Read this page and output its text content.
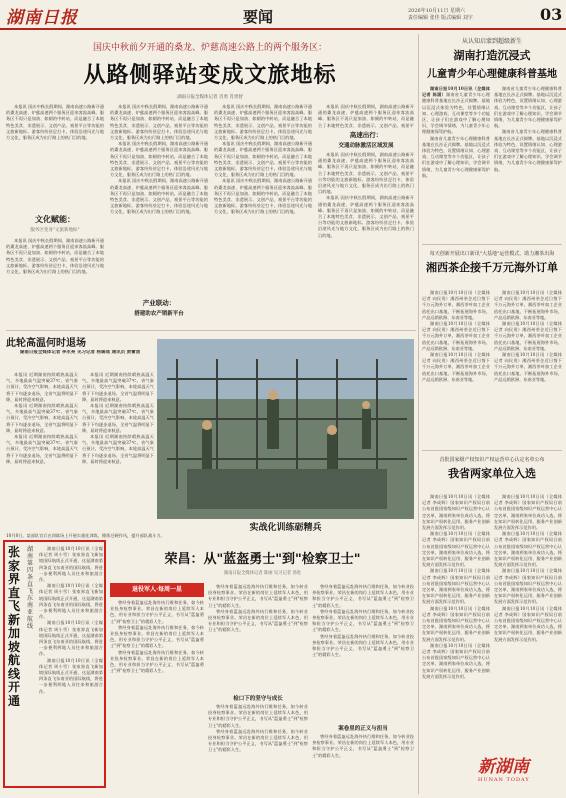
湖南日报	要闻	2026年10月11日 星期六
责任编辑 张佳 版式编辑 刘宇	03
国庆中秋前夕开通的桑龙、炉慈高速公路上的两个服务区：
从路侧驿站变成文旅地标
湖南日报全媒体记者 肖勇 肖勇智

本报讯 国庆中秋长假期间，湖南高速公路新开通的桑龙高速、炉慈高速两个服务区迎来客流高峰。服务区不再只是加油、如厕的中转站，而是融合了本地特色美食、非遗展示、文创产品、观景平台等功能的文旅新地标。游客纷纷驻足打卡，体验沿途风光与地方文化，服务区成为出行路上的热门目的地。

文化赋能：
服务区变身"文旅新地标"

本报讯 国庆中秋长假期间，湖南高速公路新开通的桑龙高速、炉慈高速两个服务区迎来客流高峰。服务区不再只是加油、如厕的中转站，而是融合了本地特色美食、非遗展示、文创产品、观景平台等功能的文旅新地标。游客纷纷驻足打卡，体验沿途风光与地方文化，服务区成为出行路上的热门目的地。

本报讯 国庆中秋长假期间，湖南高速公路新开通的桑龙高速、炉慈高速两个服务区迎来客流高峰。服务区不再只是加油、如厕的中转站，而是融合了本地特色美食、非遗展示、文创产品、观景平台等功能的文旅新地标。游客纷纷驻足打卡，体验沿途风光与地方文化，服务区成为出行路上的热门目的地。

本报讯 国庆中秋长假期间，湖南高速公路新开通的桑龙高速、炉慈高速两个服务区迎来客流高峰。服务区不再只是加油、如厕的中转站，而是融合了本地特色美食、非遗展示、文创产品、观景平台等功能的文旅新地标。游客纷纷驻足打卡，体验沿途风光与地方文化，服务区成为出行路上的热门目的地。

本报讯 国庆中秋长假期间，湖南高速公路新开通的桑龙高速、炉慈高速两个服务区迎来客流高峰。服务区不再只是加油、如厕的中转站，而是融合了本地特色美食、非遗展示、文创产品、观景平台等功能的文旅新地标。游客纷纷驻足打卡，体验沿途风光与地方文化，服务区成为出行路上的热门目的地。

产业联动：
搭建助农产销新平台

本报讯 国庆中秋长假期间，湖南高速公路新开通的桑龙高速、炉慈高速两个服务区迎来客流高峰。服务区不再只是加油、如厕的中转站，而是融合了本地特色美食、非遗展示、文创产品、观景平台等功能的文旅新地标。游客纷纷驻足打卡，体验沿途风光与地方文化，服务区成为出行路上的热门目的地。

本报讯 国庆中秋长假期间，湖南高速公路新开通的桑龙高速、炉慈高速两个服务区迎来客流高峰。服务区不再只是加油、如厕的中转站，而是融合了本地特色美食、非遗展示、文创产品、观景平台等功能的文旅新地标。游客纷纷驻足打卡，体验沿途风光与地方文化，服务区成为出行路上的热门目的地。

本报讯 国庆中秋长假期间，湖南高速公路新开通的桑龙高速、炉慈高速两个服务区迎来客流高峰。服务区不再只是加油、如厕的中转站，而是融合了本地特色美食、非遗展示、文创产品、观景平台等功能的文旅新地标。游客纷纷驻足打卡，体验沿途风光与地方文化，服务区成为出行路上的热门目的地。

高速出行：
交通动脉激活区域发展

本报讯 国庆中秋长假期间，湖南高速公路新开通的桑龙高速、炉慈高速两个服务区迎来客流高峰。服务区不再只是加油、如厕的中转站，而是融合了本地特色美食、非遗展示、文创产品、观景平

本报讯 国庆中秋长假期间，湖南高速公路新开通的桑龙高速、炉慈高速两个服务区迎来客流高峰。服务区不再只是加油、如厕的中转站，而是融合了本地特色美食、非遗展示、文创产品、观景平台等功能的文旅新地标。游客纷纷驻足打卡，体验沿途风光与地方文化，服务区成为出行路上的热门目的地。

本报讯 国庆中秋长假期间，湖南高速公路新开通的桑龙高速、炉慈高速两个服务区迎来客流高峰。服务区不再只是加油、如厕的中转站，而是融合了本地特色美食、非遗展示、文创产品、观景平台等功能的文旅新地标。游客纷纷驻足打卡，体验沿途风光与地方文化，服务区成为出行路上的热门目的地。

从认知启蒙到超级新生
湖南打造沉浸式
儿童青少年心理健康科普基地

湖南日报10月10日讯（全媒体记者 陈涵）湖南省儿童青少年心理健康科普基地在长沙正式揭牌。基地以沉浸式体验为特色，设置情绪认知、心理游戏、互动课堂等多个功能区，让孩子们在游戏中了解心理知识，学会调节情绪，为儿童青少年心理健康保驾护航。

湖南省儿童青少年心理健康科普基地在长沙正式揭牌。基地以沉浸式体验为特色，设置情绪认知、心理游戏、互动课堂等多个功能区，让孩子们在游戏中了解心理知识，学会调节情绪，为儿童青少年心理健康保驾护航。

湖南省儿童青少年心理健康科普基地在长沙正式揭牌。基地以沉浸式体验为特色，设置情绪认知、心理游戏、互动课堂等多个功能区，让孩子们在游戏中了解心理知识，学会调节情绪，为儿童青少年心理健康保驾护航。

湖南省儿童青少年心理健康科普基地在长沙正式揭牌。基地以沉浸式体验为特色，设置情绪认知、心理游戏、互动课堂等多个功能区，让孩子们在游戏中了解心理知识，学会调节情绪，为儿童青少年心理健康保驾护航。

每天创新开展出口新讯"大基地"运营模式，助力湘茶出海
湘西茶企接千万元海外订单

湖南日报10月10日讯（全媒体记者 向民贵）湘西州茶企近日签下千万元海外订单，湘西茶叶加工企业依托出口基地，不断拓展海外市场，产品远销欧洲、东南亚等地。

湖南日报10月10日讯（全媒体记者 向民贵）湘西州茶企近日签下千万元海外订单，湘西茶叶加工企业依托出口基地，不断拓展海外市场，产品远销欧洲、东南亚等地。

湖南日报10月10日讯（全媒体记者 向民贵）湘西州茶企近日签下千万元海外订单，湘西茶叶加工企业依托出口基地，不断拓展海外市场，产品远销欧洲、东南亚等地。

湖南日报10月10日讯（全媒体记者 向民贵）湘西州茶企近日签下千万元海外订单，湘西茶叶加工企业依托出口基地，不断拓展海外市场，产品远销欧洲、东南亚等地。

湖南日报10月10日讯（全媒体记者 向民贵）湘西州茶企近日签下千万元海外订单，湘西茶叶加工企业依托出口基地，不断拓展海外市场，产品远销欧洲、东南亚等地。

湖南日报10月10日讯（全媒体记者 向民贵）湘西州茶企近日签下千万元海外订单，湘西茶叶加工企业依托出口基地，不断拓展海外市场，产品远销欧洲、东南亚等地。

首批国家级产权知识产权运营中心认定名单公布
我省两家单位入选

湖南日报10月10日讯（全媒体记者 李成辉）国家知识产权局日前公布首批国家级知识产权运营中心认定名单，湖南两家单位成功入选，将在知识产权转化运用、服务产业创新发展方面发挥示范作用。

湖南日报10月10日讯（全媒体记者 李成辉）国家知识产权局日前公布首批国家级知识产权运营中心认定名单，湖南两家单位成功入选，将在知识产权转化运用、服务产业创新发展方面发挥示范作用。

湖南日报10月10日讯（全媒体记者 李成辉）国家知识产权局日前公布首批国家级知识产权运营中心认定名单，湖南两家单位成功入选，将在知识产权转化运用、服务产业创新发展方面发挥示范作用。

湖南日报10月10日讯（全媒体记者 李成辉）国家知识产权局日前公布首批国家级知识产权运营中心认定名单，湖南两家单位成功入选，将在知识产权转化运用、服务产业创新发展方面发挥示范作用。

湖南日报10月10日讯（全媒体记者 李成辉）国家知识产权局日前公布首批国家级知识产权运营中心认定名单，湖南两家单位成功入选，将在知识产权转化运用、服务产业创新发展方面发挥示范作用。

湖南日报10月10日讯（全媒体记者 李成辉）国家知识产权局日前公布首批国家级知识产权运营中心认定名单，湖南两家单位成功入选，将在知识产权转化运用、服务产业创新发展方面发挥示范作用。

湖南日报10月10日讯（全媒体记者 李成辉）国家知识产权局日前公布首批国家级知识产权运营中心认定名单，湖南两家单位成功入选，将在知识产权转化运用、服务产业创新发展方面发挥示范作用。

湖南日报10月10日讯（全媒体记者 李成辉）国家知识产权局日前公布首批国家级知识产权运营中心认定名单，湖南两家单位成功入选，将在知识产权转化运用、服务产业创新发展方面发挥示范作用。

湖南日报10月10日讯（全媒体记者 李成辉）国家知识产权局日前公布首批国家级知识产权运营中心认定名单，湖南两家单位成功入选，将在知识产权转化运用、服务产业创新发展方面发挥示范作用。

此轮高温何时退场
湖南日报全媒体记者 李永亮 见习记者 杨璐瑶 通讯员 黄蕾清

本报讯 近期湖南持续晴热高温天气，多地最高气温突破37℃。省气象台预计，受冷空气影响，本轮高温天气将于下旬逐步退场，全省气温将明显下降，届时将迎来秋意。

本报讯 近期湖南持续晴热高温天气，多地最高气温突破37℃。省气象台预计，受冷空气影响，本轮高温天气将于下旬逐步退场，全省气温将明显下降，届时将迎来秋意。

本报讯 近期湖南持续晴热高温天气，多地最高气温突破37℃。省气象台预计，受冷空气影响，本轮高温天气将于下旬逐步退场，全省气温将明显下降，届时将迎来秋意。

本报讯 近期湖南持续晴热高温天气，多地最高气温突破37℃。省气象台预计，受冷空气影响，本轮高温天气将于下旬逐步退场，全省气温将明显下降，届时将迎来秋意。

本报讯 近期湖南持续晴热高温天气，多地最高气温突破37℃。省气象台预计，受冷空气影响，本轮高温天气将于下旬逐步退场，全省气温将明显下降，届时将迎来秋意。

本报讯 近期湖南持续晴热高温天气，多地最高气温突破37℃。省气象台预计，受冷空气影响，本轮高温天气将于下旬逐步退场，全省气温将明显下降，届时将迎来秋意。

实战化训练砺精兵
10月8日，某部队官兵在训练场上开展实战化训练，锤炼过硬作风，提升部队战斗力。
荣昌：从"蓝盔勇士"到"检察卫士"
湖南日报全媒体记者 陈丽 见习记者 汤进
退役军人·每周一星

曾经身着蓝盔远赴海外执行维和任务，如今转业投身检察事业。荣昌在新的岗位上延续军人本色，用专业和担当守护公平正义，书写从"蓝盔勇士"到"检察卫士"的精彩人生。

曾经身着蓝盔远赴海外执行维和任务，如今转业投身检察事业。荣昌在新的岗位上延续军人本色，用专业和担当守护公平正义，书写从"蓝盔勇士"到"检察卫士"的精彩人生。

曾经身着蓝盔远赴海外执行维和任务，如今转业投身检察事业。荣昌在新的岗位上延续军人本色，用专业和担当守护公平正义，书写从"蓝盔勇士"到"检察卫士"的精彩人生。

曾经身着蓝盔远赴海外执行维和任务，如今转业投身检察事业。荣昌在新的岗位上延续军人本色，用专业和担当守护公平正义，书写从"蓝盔勇士"到"检察卫士"的精彩人生。

曾经身着蓝盔远赴海外执行维和任务，如今转业投身检察事业。荣昌在新的岗位上延续军人本色，用专业和担当守护公平正义，书写从"蓝盔勇士"到"检察卫士"的精彩人生。

检口下的坚守与成长

曾经身着蓝盔远赴海外执行维和任务，如今转业投身检察事业。荣昌在新的岗位上延续军人本色，用专业和担当守护公平正义，书写从"蓝盔勇士"到"检察卫士"的精彩人生。

曾经身着蓝盔远赴海外执行维和任务，如今转业投身检察事业。荣昌在新的岗位上延续军人本色，用专业和担当守护公平正义，书写从"蓝盔勇士"到"检察卫士"的精彩人生。

曾经身着蓝盔远赴海外执行维和任务，如今转业投身检察事业。荣昌在新的岗位上延续军人本色，用专业和担当守护公平正义，书写从"蓝盔勇士"到"检察卫士"的精彩人生。

曾经身着蓝盔远赴海外执行维和任务，如今转业投身检察事业。荣昌在新的岗位上延续军人本色，用专业和担当守护公平正义，书写从"蓝盔勇士"到"检察卫士"的精彩人生。

曾经身着蓝盔远赴海外执行维和任务，如今转业投身检察事业。荣昌在新的岗位上延续军人本色，用专业和担当守护公平正义，书写从"蓝盔勇士"到"检察卫士"的精彩人生。

案卷里的正义与担当

曾经身着蓝盔远赴海外执行维和任务，如今转业投身检察事业。荣昌在新的岗位上延续军人本色，用专业和担当守护公平正义，书写从"蓝盔勇士"到"检察卫士"的精彩人生。

张家界直飞新加坡航线开通
湖南第四条直飞东南亚航线

湖南日报10月10日讯（全媒体记者 周小雪）张家界直飞新加坡国际航线正式开通，这是湖南第四条直飞东南亚的国际航线，将进一步便利两地人员往来和旅游合作。

湖南日报10月10日讯（全媒体记者 周小雪）张家界直飞新加坡国际航线正式开通，这是湖南第四条直飞东南亚的国际航线，将进一步便利两地人员往来和旅游合作。

湖南日报10月10日讯（全媒体记者 周小雪）张家界直飞新加坡国际航线正式开通，这是湖南第四条直飞东南亚的国际航线，将进一步便利两地人员往来和旅游合作。

湖南日报10月10日讯（全媒体记者 周小雪）张家界直飞新加坡国际航线正式开通，这是湖南第四条直飞东南亚的国际航线，将进一步便利两地人员往来和旅游合作。

新湖南
HUNAN TODAY
